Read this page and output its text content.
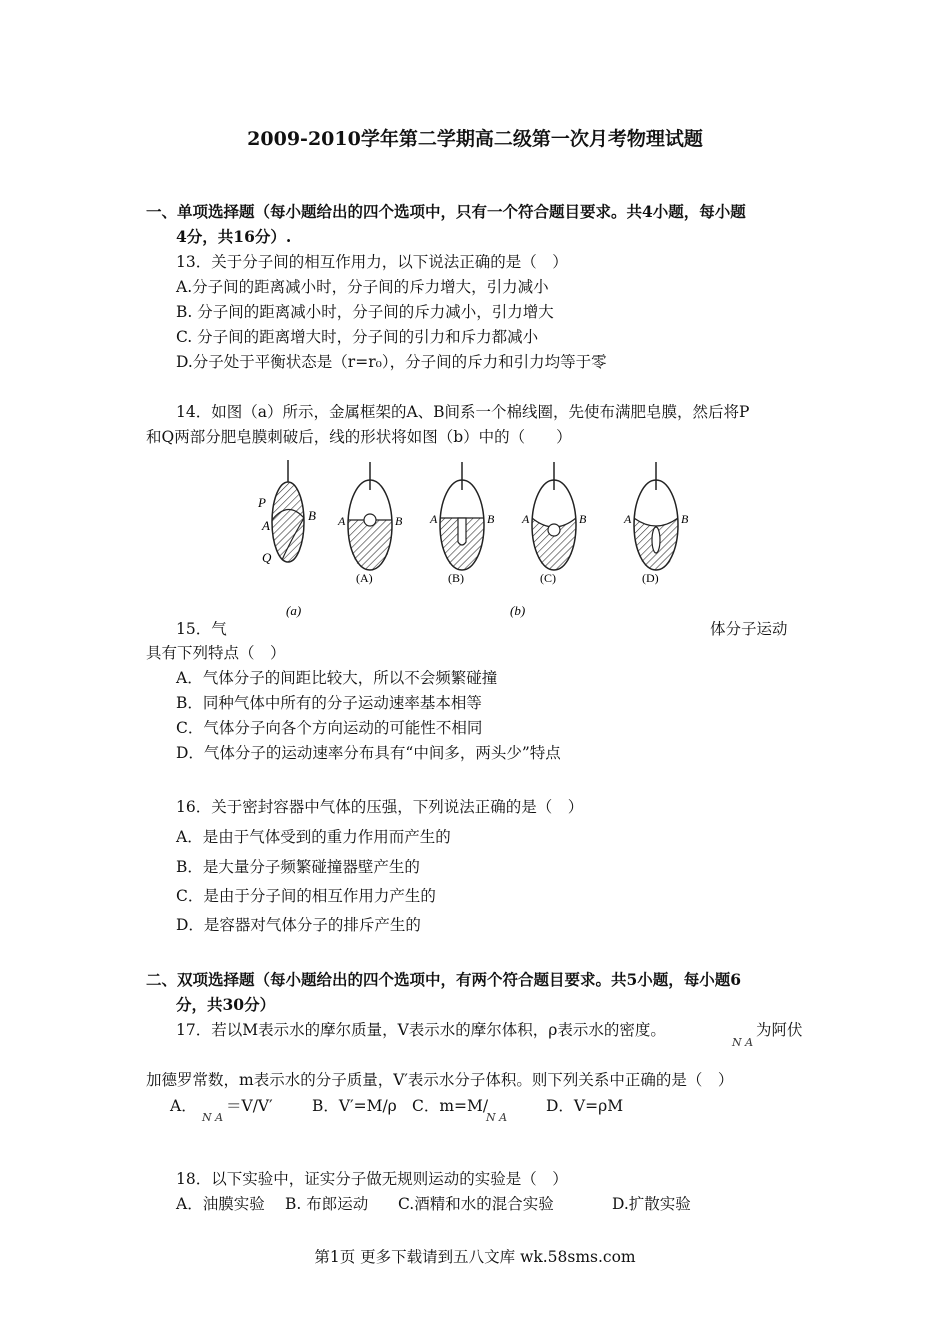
2009-2010学年第二学期高二级第一次月考物理试题
一、单项选择题（每小题给出的四个选项中，只有一个符合题目要求。共4小题，每小题
4分，共16分）.
13．关于分子间的相互作用力，以下说法正确的是（　）
A.分子间的距离减小时，分子间的斥力增大，引力减小
B. 分子间的距离减小时，分子间的斥力减小，引力增大
C. 分子间的距离增大时，分子间的引力和斥力都减小
D.分子处于平衡状态是（r=r₀），分子间的斥力和引力均等于零
14．如图（a）所示，金属框架的A、B间系一个棉线圈，先使布满肥皂膜，然后将P
和Q两部分肥皂膜刺破后，线的形状将如图（b）中的（　　）
P
A
B
Q
(a)
A	B
(A)
A	B
(B)
A	B
(C)
A	B
(D)
(b)
15．气	体分子运动
具有下列特点（　）
A．气体分子的间距比较大，所以不会频繁碰撞
B．同种气体中所有的分子运动速率基本相等
C．气体分子向各个方向运动的可能性不相同
D．气体分子的运动速率分布具有“中间多，两头少”特点
16．关于密封容器中气体的压强，下列说法正确的是（　）
A．是由于气体受到的重力作用而产生的
B．是大量分子频繁碰撞器壁产生的
C．是由于分子间的相互作用力产生的
D．是容器对气体分子的排斥产生的
二、双项选择题（每小题给出的四个选项中，有两个符合题目要求。共5小题，每小题6
分，共30分）
17．若以M表示水的摩尔质量，V表示水的摩尔体积，ρ表示水的密度。
N A
为阿伏
加德罗常数，m表示水的分子质量，V′表示水分子体积。则下列关系中正确的是（　）
A．
N A
＝V/V′	B．V′=M/ρ C．m=M/
N A
D．V=ρM
18．以下实验中，证实分子做无规则运动的实验是（　）
A．油膜实验 B. 布郎运动 C.酒精和水的混合实验	D.扩散实验
第1页 更多下载请到五八文库 wk.58sms.com
